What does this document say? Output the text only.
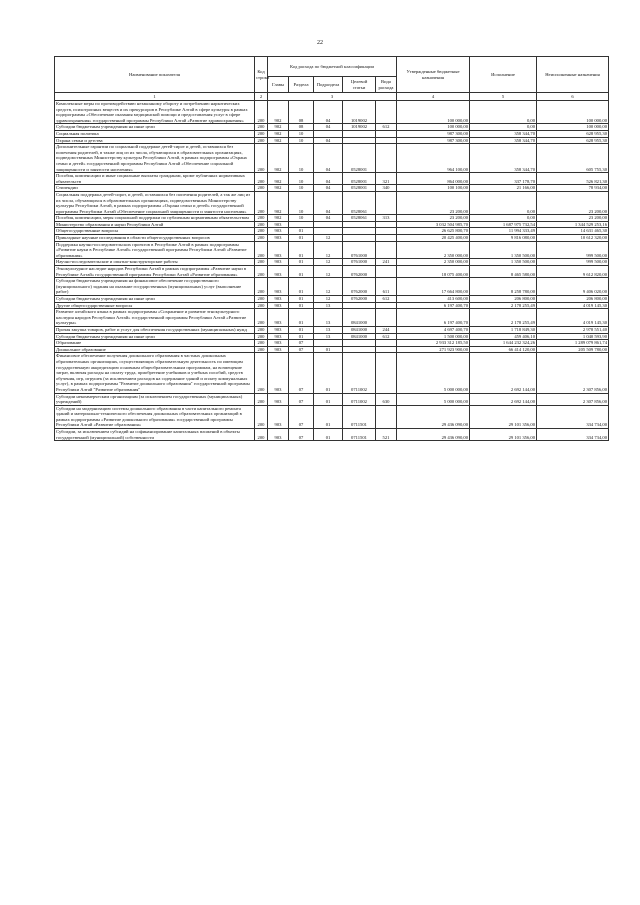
22
Наименование показателя	Код строки	Код расхода по бюджетной классификации					Утвержденные бюджетные назначения	Исполнение	Неисполненные назначения
		Главы	Раздела	Подраздела	Целевой статьи	Вида расхода			
1	2	3					4	5	6
Комплексные меры по противодействию незаконному обороту и потреблению наркотических средств, психотропных веществ и их прекурсоров в Республике Алтай в сфере культуры в рамках подпрограммы «Обеспечение оказания медицинской помощи и предоставления услуг в сфере здравоохранения» государственной программы Республики Алтай «Развитие здравоохранения»	200	902	08	04	1019002		100 000,00	0,00	100 000,00
Субсидии бюджетным учреждениям на иные цели	200	902	08	04	1019002	612	100 000,00	0,00	100 000,00
Социальная политика	200	902	10				987 300,00	358 344,70	628 955,30
Охрана семьи и детства	200	902	10	04			987 300,00	358 344,70	628 955,30
Дополнительные гарантии по социальной поддержке детей-сирот и детей, оставшихся без попечения родителей, в также лиц из их числа, обучающихся в образовательных организациях, подведомственных Министерству культуры Республики Алтай, в рамках подпрограммы «Охрана семьи и детей» государственной программы Республики Алтай «Обеспечение социальной защищенности и занятости населения»	200	902	10	04	0528001		964 100,00	358 344,70	605 755,30
Пособия, компенсации и иные социальные выплаты гражданам, кроме публичных нормативных обязательств	200	902	10	04	0528001	321	864 000,00	337 178,70	526 821,30
Стипендии	200	902	10	04	0528001	340	100 100,00	21 166,00	78 934,00
Социальная поддержка детей-сирот, и детей, оставшихся без попечения родителей, а так же лиц из их числа, обучающихся в образовательных организациях, подведомственных Министерству культуры Республики Алтай, в рамках подпрограммы «Охрана семьи и детей» государственной программы Республики Алтай «Обеспечение социальной защищенности и занятости населения»	200	902	10	04	0528061		23 200,00	0,00	23 200,00
Пособия, компенсации, меры социальной поддержки по публичным нормативным обязательствам	200	902	10	04	0528061	313	23 200,00	0,00	23 200,00
Министерство образования и науки Республики Алтай	200	903					3 032 504 985,70	1 687 975 732,54	1 344 529 253,16
Общегосударственные вопросы	200	903	01				26 625 800,70	11 994 333,49	14 631 465,30
Прикладные научные исследования в области общегосударственных вопросов	200	903	01	12			20 425 400,00	9 816 080,00	10 612 320,00
Поддержка научно-исследовательских проектов в Республике Алтай в рамках подпрограммы «Развитие науки в Республике Алтай» государственной программы Республики Алтай «Развитие образования»	200	903	01	12	0761000		2 350 000,00	1 350 500,00	999 500,00
Научно-исследовательские и опытно-конструкторские работы	200	903	01	12	0761000	241	2 350 000,00	1 350 500,00	999 500,00
Этнокультурное наследие народов Республики Алтай в рамках подпрограммы «Развитие науки в Республике Алтай» государственной программы Республики Алтай «Развитие образования»	200	903	01	12	0762000		18 075 400,00	8 465 580,00	9 612 820,00
Субсидии бюджетным учреждениям на финансовое обеспечение государственного (муниципального) задания на оказание государственных (муниципальных) услуг (выполнение работ)	200	903	01	12	0762000	611	17 664 800,00	8 258 780,00	9 406 020,00
Субсидии бюджетным учреждениям на иные цели	200	903	01	12	0762000	612	413 600,00	206 800,00	206 800,00
Другие общегосударственные вопросы	200	903	01	13			6 197 400,70	2 178 255,49	4 019 145,30
Развитие алтайского языка в рамках подпрограммы «Сохранение и развитие этнокультурного наследия народов Республики Алтай» государственной программы Республики Алтай «Развитие культуры»	200	903	01	13	0841000		6 197 400,70	2 178 255,49	4 019 145,30
Прочая закупка товаров, работ и услуг для обеспечения государственных (муниципальных) нужд	200	903	01	13	0841000	244	4 697 400,70	1 718 849,30	2 978 551,40
Субсидии бюджетным учреждениям на иные цели	200	903	01	13	0841000	612	1 500 000,00	459 406,10	1 040 593,90
Образование	200	903	07				2 933 312 185,50	1 644 232 324,26	1 289 079 861,74
Дошкольное образование	200	903	07	01			271 923 900,00	66 414 120,00	205 509 780,00
Финансовое обеспечение получения дошкольного образования в частных дошкольных образовательных организациях, осуществляющих образовательную деятельность по имеющим государственную аккредитацию основным общеобразовательным программам, на возмещение затрат, включая расходы на оплату труда, приобретение учебников и учебных пособий, средств обучения, игр, игрушек (за исключением расходов на содержание зданий и оплату коммунальных услуг), в рамках подпрограммы "Развитие дошкольного образования" государственной программы Республики Алтай "Развитие образования"	200	903	07	01	0711002		5 000 000,00	2 692 144,00	2 307 856,00
Субсидии некоммерческим организациям (за исключением государственных (муниципальных) учреждений)	200	903	07	01	0711002	630	5 000 000,00	2 692 144,00	2 307 856,00
Субсидии на модернизацию системы дошкольного образования в части капитального ремонта зданий и материально-технического обеспечения дошкольных образовательных организаций в рамках подпрограммы «Развитие дошкольного образования» государственной программы Республики Алтай «Развитие образования»	200	903	07	01	0711501		29 436 090,00	29 101 356,00	334 734,00
Субсидии, за исключением субсидий на софинансирование капитальных вложений в объекты государственной (муниципальной) собственности	200	903	07	01	0711501	521	29 436 090,00	29 101 356,00	334 734,00
